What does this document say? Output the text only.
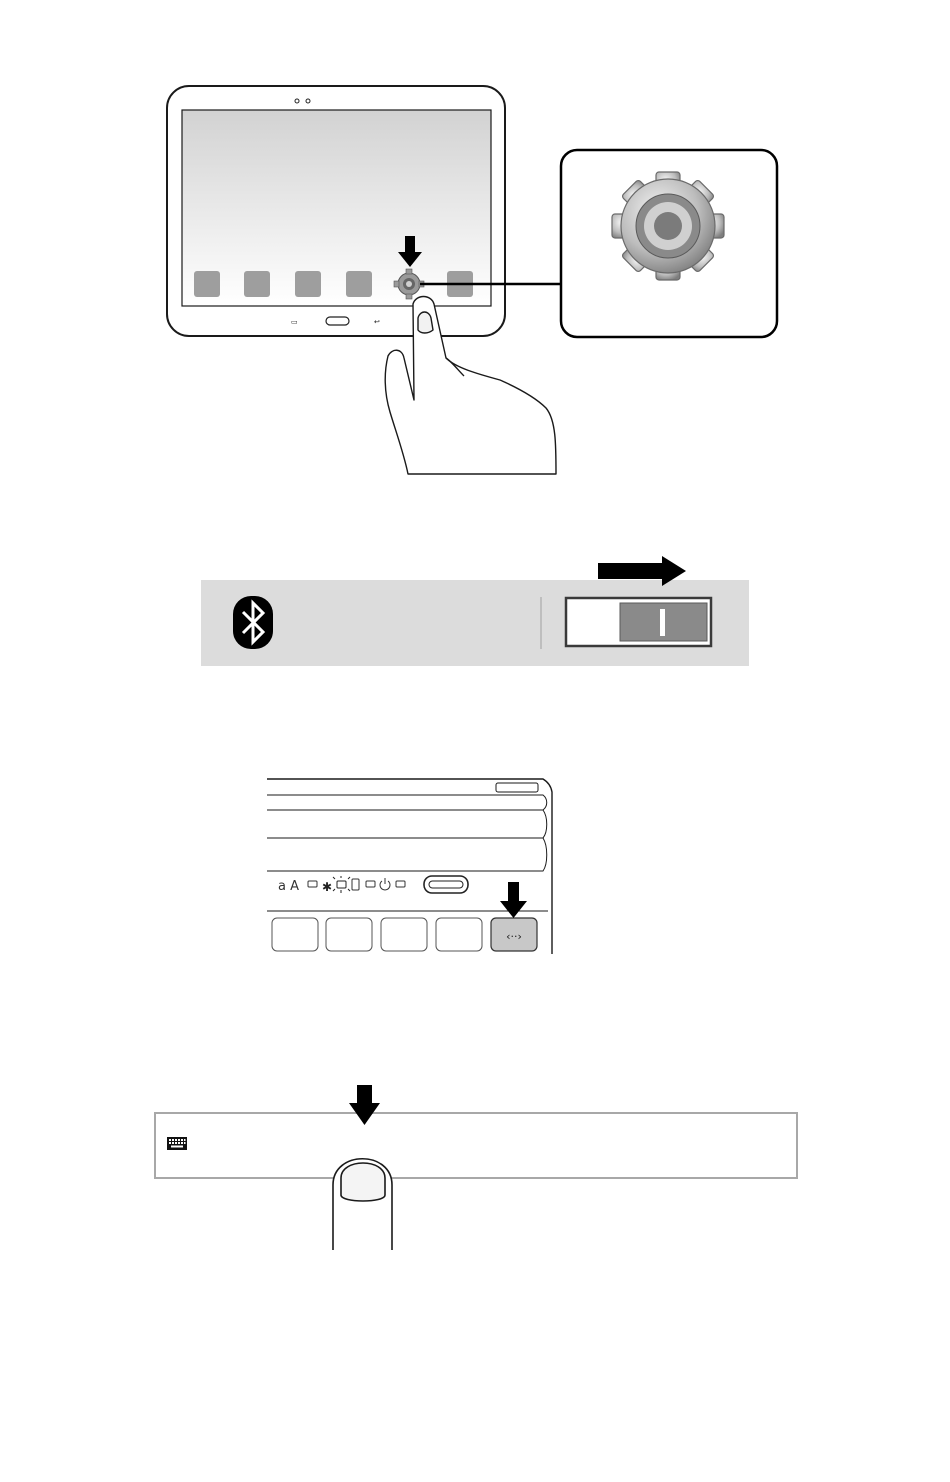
▭	↩
a A ✱
‹··›
